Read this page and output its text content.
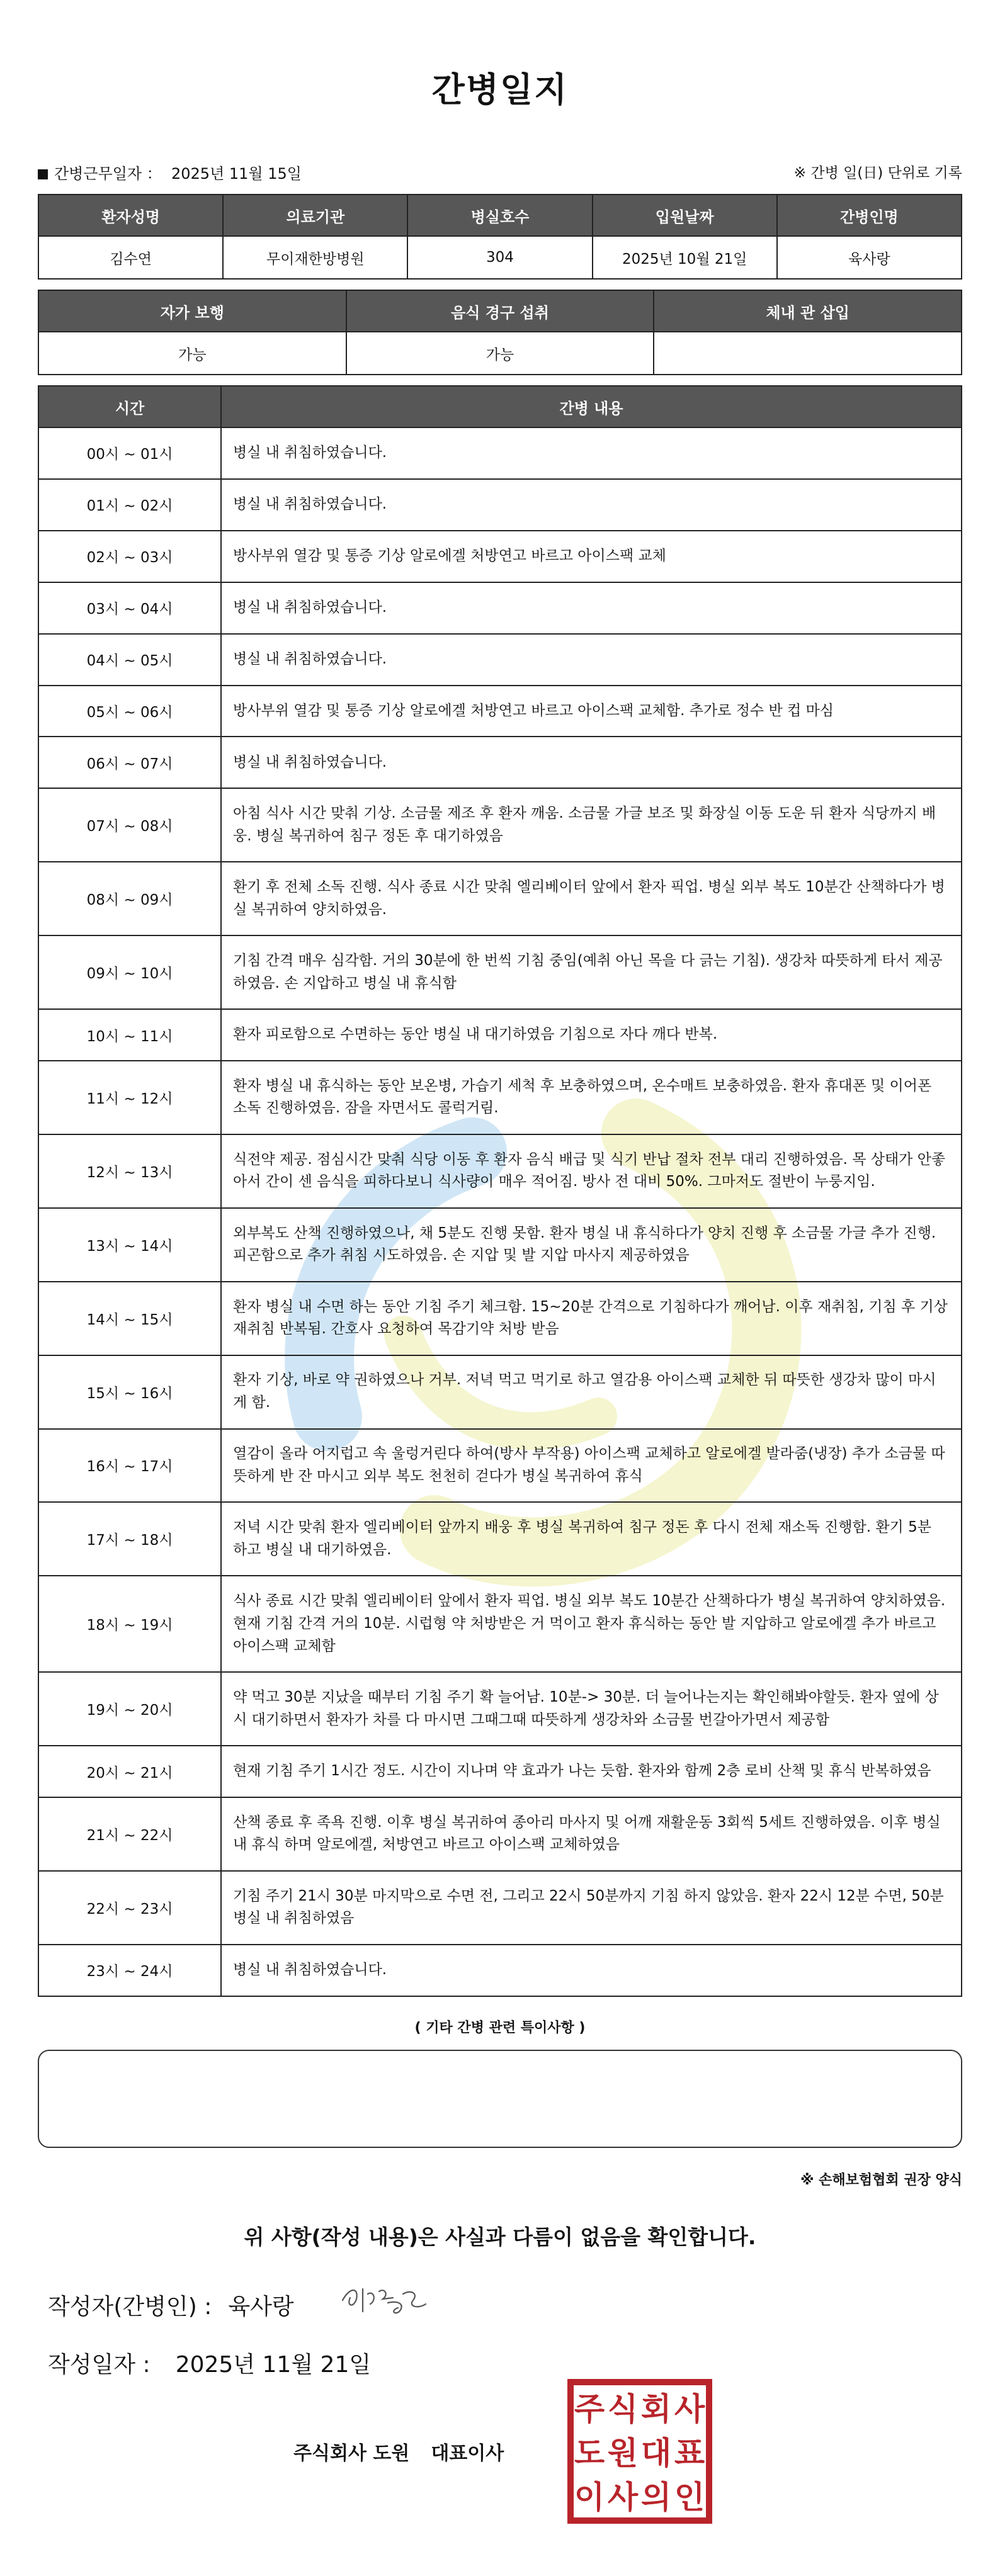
간병일지
간병근무일자 ： 2025년 11월 15일	※ 간병 일(日) 단위로 기록
환자성명	의료기관	병실호수	입원날짜	간병인명
김수연	무이재한방병원	304	2025년 10월 21일	육사랑
자가 보행	음식 경구 섭취	체내 관 삽입
가능	가능	
시간	간병 내용
00시 ~ 01시	병실 내 취침하였습니다.
01시 ~ 02시	병실 내 취침하였습니다.
02시 ~ 03시	방사부위 열감 및 통증 기상 알로에겔 처방연고 바르고 아이스팩 교체
03시 ~ 04시	병실 내 취침하였습니다.
04시 ~ 05시	병실 내 취침하였습니다.
05시 ~ 06시	방사부위 열감 및 통증 기상 알로에겔 처방연고 바르고 아이스팩 교체함. 추가로 정수 반 컵 마심
06시 ~ 07시	병실 내 취침하였습니다.
07시 ~ 08시	아침 식사 시간 맞춰 기상. 소금물 제조 후 환자 깨움. 소금물 가글 보조 및 화장실 이동 도운 뒤 환자 식당까지 배웅. 병실 복귀하여 침구 정돈 후 대기하였음
08시 ~ 09시	환기 후 전체 소독 진행. 식사 종료 시간 맞춰 엘리베이터 앞에서 환자 픽업. 병실 외부 복도 10분간 산책하다가 병실 복귀하여 양치하였음.
09시 ~ 10시	기침 간격 매우 심각함. 거의 30분에 한 번씩 기침 중임(예취 아닌 목을 다 긁는 기침). 생강차 따뜻하게 타서 제공하였음. 손 지압하고 병실 내 휴식함
10시 ~ 11시	환자 피로함으로 수면하는 동안 병실 내 대기하였음 기침으로 자다 깨다 반복.
11시 ~ 12시	환자 병실 내 휴식하는 동안 보온병, 가습기 세척 후 보충하였으며, 온수매트 보충하였음. 환자 휴대폰 및 이어폰 소독 진행하였음. 잠을 자면서도 콜럭거림.
12시 ~ 13시	식전약 제공. 점심시간 맞춰 식당 이동 후 환자 음식 배급 및 식기 반납 절차 전부 대리 진행하였음. 목 상태가 안좋아서 간이 센 음식을 피하다보니 식사량이 매우 적어짐. 방사 전 대비 50%. 그마저도 절반이 누룽지임.
13시 ~ 14시	외부복도 산책 진행하였으나, 채 5분도 진행 못함. 환자 병실 내 휴식하다가 양치 진행 후 소금물 가글 추가 진행. 피곤함으로 추가 취침 시도하였음. 손 지압 및 발 지압 마사지 제공하였음
14시 ~ 15시	환자 병실 내 수면 하는 동안 기침 주기 체크함. 15~20분 간격으로 기침하다가 깨어남. 이후 재취침, 기침 후 기상 재취침 반복됨. 간호사 요청하여 목감기약 처방 받음
15시 ~ 16시	환자 기상, 바로 약 권하였으나 거부. 저녁 먹고 먹기로 하고 열감용 아이스팩 교체한 뒤 따뜻한 생강차 많이 마시게 함.
16시 ~ 17시	열감이 올라 어지럽고 속 울렁거린다 하여(방사 부작용) 아이스팩 교체하고 알로에겔 발라줌(냉장) 추가 소금물 따뜻하게 반 잔 마시고 외부 복도 천천히 걷다가 병실 복귀하여 휴식
17시 ~ 18시	저녁 시간 맞춰 환자 엘리베이터 앞까지 배웅 후 병실 복귀하여 침구 정돈 후 다시 전체 재소독 진행함. 환기 5분 하고 병실 내 대기하였음.
18시 ~ 19시	식사 종료 시간 맞춰 엘리베이터 앞에서 환자 픽업. 병실 외부 복도 10분간 산책하다가 병실 복귀하여 양치하였음. 현재 기침 간격 거의 10분. 시럽형 약 처방받은 거 먹이고 환자 휴식하는 동안 발 지압하고 알로에겔 추가 바르고 아이스팩 교체함
19시 ~ 20시	약 먹고 30분 지났을 때부터 기침 주기 확 늘어남. 10분-> 30분. 더 늘어나는지는 확인해봐야할듯. 환자 옆에 상시 대기하면서 환자가 차를 다 마시면 그때그때 따뜻하게 생강차와 소금물 번갈아가면서 제공함
20시 ~ 21시	현재 기침 주기 1시간 정도. 시간이 지나며 약 효과가 나는 듯함. 환자와 함께 2층 로비 산책 및 휴식 반복하였음
21시 ~ 22시	산책 종료 후 족욕 진행. 이후 병실 복귀하여 종아리 마사지 및 어깨 재활운동 3회씩 5세트 진행하였음. 이후 병실 내 휴식 하며 알로에겔, 처방연고 바르고 아이스팩 교체하였음
22시 ~ 23시	기침 주기 21시 30분 마지막으로 수면 전, 그리고 22시 50분까지 기침 하지 않았음. 환자 22시 12분 수면, 50분 병실 내 취침하였음
23시 ~ 24시	병실 내 취침하였습니다.
( 기타 간병 관련 특이사항 )
※ 손해보험협회 권장 양식
위 사항(작성 내용)은 사실과 다름이 없음을 확인합니다.
작성자(간병인) : 육사랑
작성일자 : 2025년 11월 21일
주식회사 도원 대표이사
주 식 회 사
도 원 대 표
이 사 의 인
